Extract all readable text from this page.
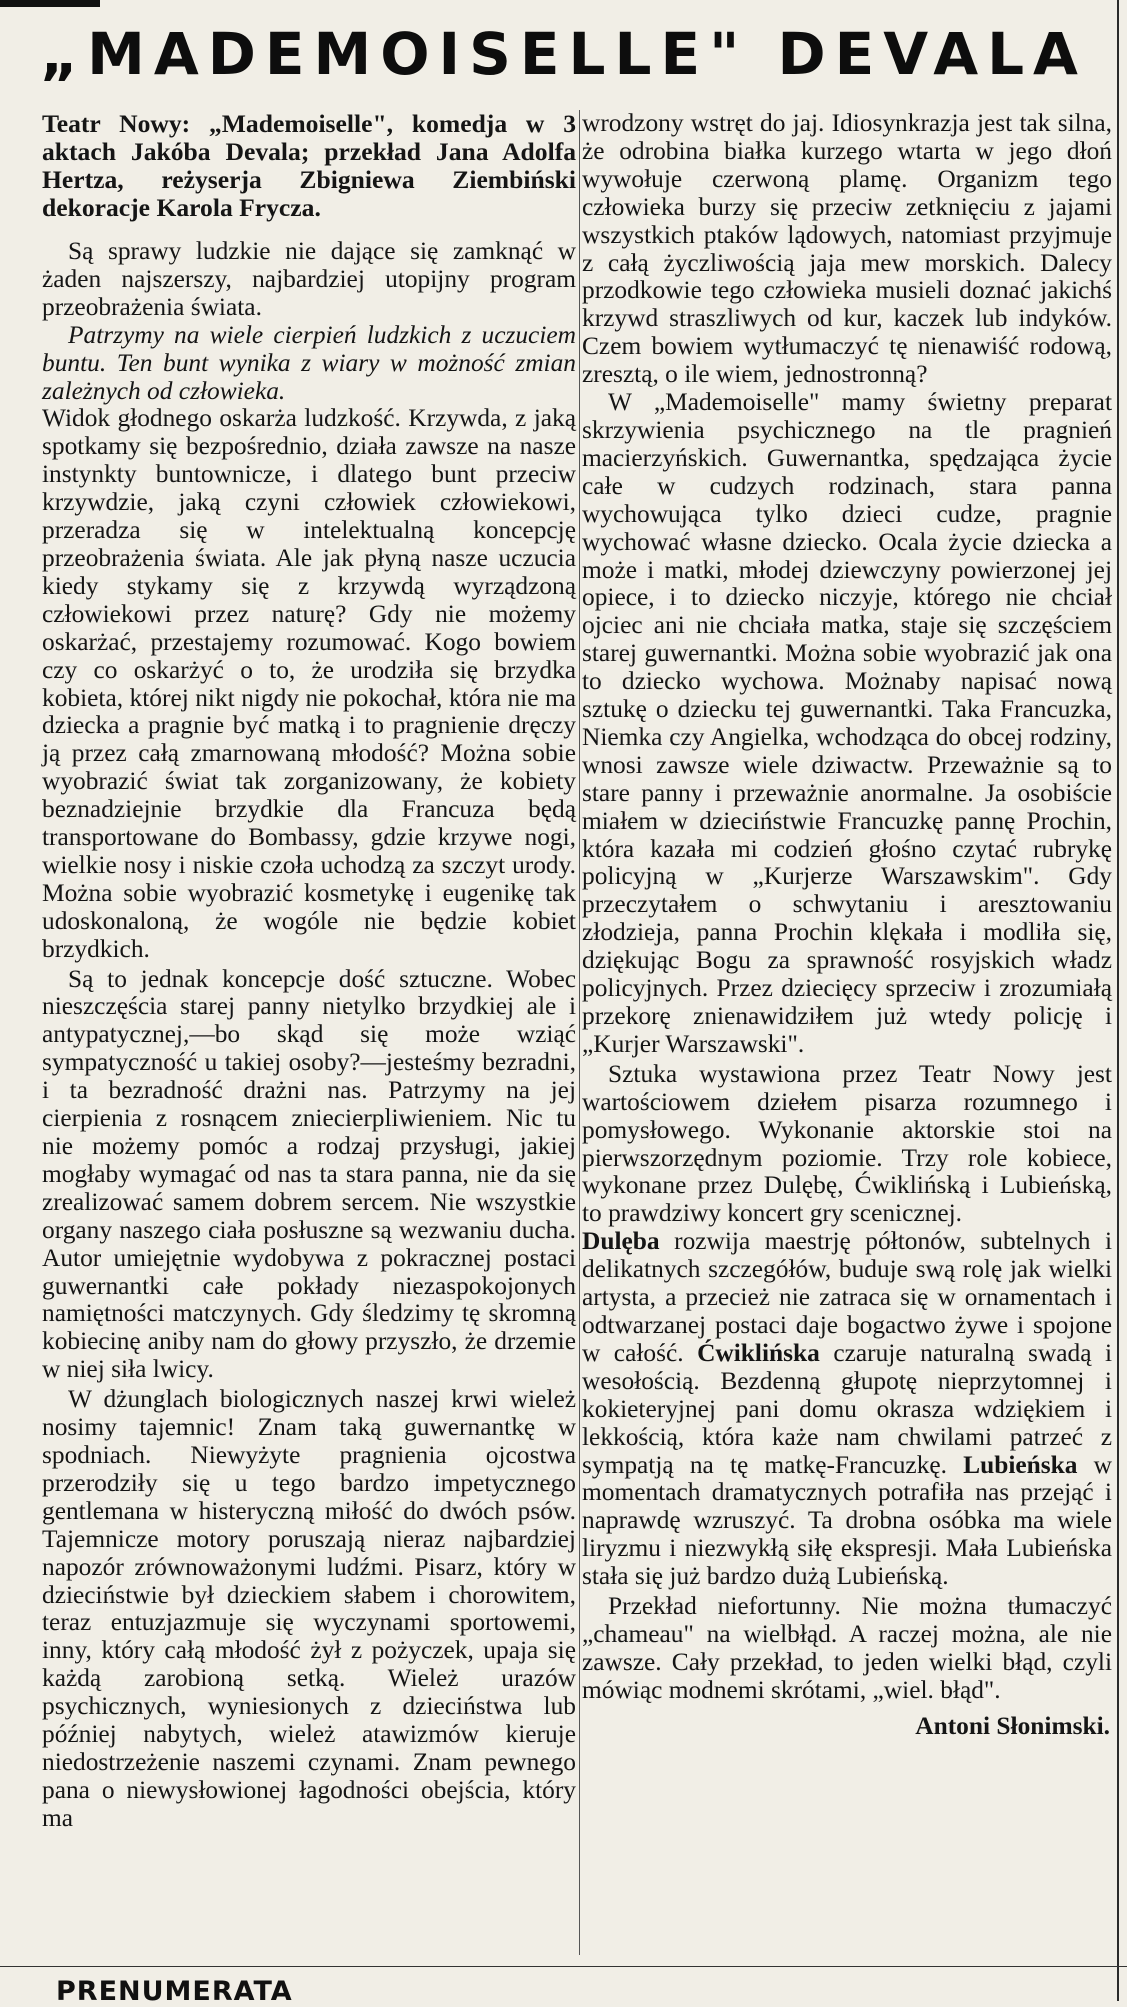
„MADEMOISELLE" DEVALA

Teatr Nowy: „Mademoiselle", komedja w 3 aktach Jakóba Devala; przekład Jana Adolfa Hertza, reżyserja Zbigniewa Ziembiński dekoracje Karola Frycza.

Są sprawy ludzkie nie dające się zamknąć w żaden najszerszy, najbardziej utopijny program przeobrażenia świata.

Patrzymy na wiele cierpień ludzkich z uczuciem buntu. Ten bunt wynika z wiary w możność zmian zależnych od człowieka.

Widok głodnego oskarża ludzkość. Krzywda, z jaką spotkamy się bezpośrednio, działa zawsze na nasze instynkty buntownicze, i dlatego bunt przeciw krzywdzie, jaką czyni człowiek człowiekowi, przeradza się w intelektualną koncepcję przeobrażenia świata. Ale jak płyną nasze uczucia kiedy stykamy się z krzywdą wyrządzoną człowiekowi przez naturę? Gdy nie możemy oskarżać, przestajemy rozumować. Kogo bowiem czy co oskarżyć o to, że urodziła się brzydka kobieta, której nikt nigdy nie pokochał, która nie ma dziecka a pragnie być matką i to pragnienie dręczy ją przez całą zmarnowaną młodość? Można sobie wyobrazić świat tak zorganizowany, że kobiety beznadziejnie brzydkie dla Francuza będą transportowane do Bombassy, gdzie krzywe nogi, wielkie nosy i niskie czoła uchodzą za szczyt urody. Można sobie wyobrazić kosmetykę i eugenikę tak udoskonaloną, że wogóle nie będzie kobiet brzydkich.

Są to jednak koncepcje dość sztuczne. Wobec nieszczęścia starej panny nietylko brzydkiej ale i antypatycznej,—bo skąd się może wziąć sympatyczność u takiej osoby?—jesteśmy bezradni, i ta bezradność drażni nas. Patrzymy na jej cierpienia z rosnącem zniecierpliwieniem. Nic tu nie możemy pomóc a rodzaj przysługi, jakiej mogłaby wymagać od nas ta stara panna, nie da się zrealizować samem dobrem sercem. Nie wszystkie organy naszego ciała posłuszne są wezwaniu ducha. Autor umiejętnie wydobywa z pokracznej postaci guwernantki całe pokłady niezaspokojonych namiętności matczynych. Gdy śledzimy tę skromną kobiecinę aniby nam do głowy przyszło, że drzemie w niej siła lwicy.

W dżunglach biologicznych naszej krwi wieleż nosimy tajemnic! Znam taką guwernantkę w spodniach. Niewyżyte pragnienia ojcostwa przerodziły się u tego bardzo impetycznego gentlemana w histeryczną miłość do dwóch psów. Tajemnicze motory poruszają nieraz najbardziej napozór zrównoważonymi ludźmi. Pisarz, który w dzieciństwie był dzieckiem słabem i chorowitem, teraz entuzjazmuje się wyczynami sportowemi, inny, który całą młodość żył z pożyczek, upaja się każdą zarobioną setką. Wieleż urazów psychicznych, wyniesionych z dzieciństwa lub później nabytych, wieleż atawizmów kieruje niedostrzeżenie naszemi czynami. Znam pewnego pana o niewysłowionej łagodności obejścia, który ma

wrodzony wstręt do jaj. Idiosynkrazja jest tak silna, że odrobina białka kurzego wtarta w jego dłoń wywołuje czerwoną plamę. Organizm tego człowieka burzy się przeciw zetknięciu z jajami wszystkich ptaków lądowych, natomiast przyjmuje z całą życzliwością jaja mew morskich. Dalecy przodkowie tego człowieka musieli doznać jakichś krzywd straszliwych od kur, kaczek lub indyków. Czem bowiem wytłumaczyć tę nienawiść rodową, zresztą, o ile wiem, jednostronną?

W „Mademoiselle" mamy świetny preparat skrzywienia psychicznego na tle pragnień macierzyńskich. Guwernantka, spędzająca życie całe w cudzych rodzinach, stara panna wychowująca tylko dzieci cudze, pragnie wychować własne dziecko. Ocala życie dziecka a może i matki, młodej dziewczyny powierzonej jej opiece, i to dziecko niczyje, którego nie chciał ojciec ani nie chciała matka, staje się szczęściem starej guwernantki. Można sobie wyobrazić jak ona to dziecko wychowa. Możnaby napisać nową sztukę o dziecku tej guwernantki. Taka Francuzka, Niemka czy Angielka, wchodząca do obcej rodziny, wnosi zawsze wiele dziwactw. Przeważnie są to stare panny i przeważnie anormalne. Ja osobiście miałem w dzieciństwie Francuzkę pannę Prochin, która kazała mi codzień głośno czytać rubrykę policyjną w „Kurjerze Warszawskim". Gdy przeczytałem o schwytaniu i aresztowaniu złodzieja, panna Prochin klękała i modliła się, dziękując Bogu za sprawność rosyjskich władz policyjnych. Przez dziecięcy sprzeciw i zrozumiałą przekorę znienawidziłem już wtedy policję i „Kurjer Warszawski".

Sztuka wystawiona przez Teatr Nowy jest wartościowem dziełem pisarza rozumnego i pomysłowego. Wykonanie aktorskie stoi na pierwszorzędnym poziomie. Trzy role kobiece, wykonane przez Dulębę, Ćwiklińską i Lubieńską, to prawdziwy koncert gry scenicznej.

Dulęba rozwija maestrję półtonów, subtelnych i delikatnych szczegółów, buduje swą rolę jak wielki artysta, a przecież nie zatraca się w ornamentach i odtwarzanej postaci daje bogactwo żywe i spojone w całość. Ćwiklińska czaruje naturalną swadą i wesołością. Bezdenną głupotę nieprzytomnej i kokieteryjnej pani domu okrasza wdziękiem i lekkością, która każe nam chwilami patrzeć z sympatją na tę matkę-Francuzkę. Lubieńska w momentach dramatycznych potrafiła nas przejąć i naprawdę wzruszyć. Ta drobna osóbka ma wiele liryzmu i niezwykłą siłę ekspresji. Mała Lubieńska stała się już bardzo dużą Lubieńską.

Przekład niefortunny. Nie można tłumaczyć „chameau" na wielbłąd. A raczej można, ale nie zawsze. Cały przekład, to jeden wielki błąd, czyli mówiąc modnemi skrótami, „wiel. błąd".

Antoni Słonimski.

PRENUMERATA
